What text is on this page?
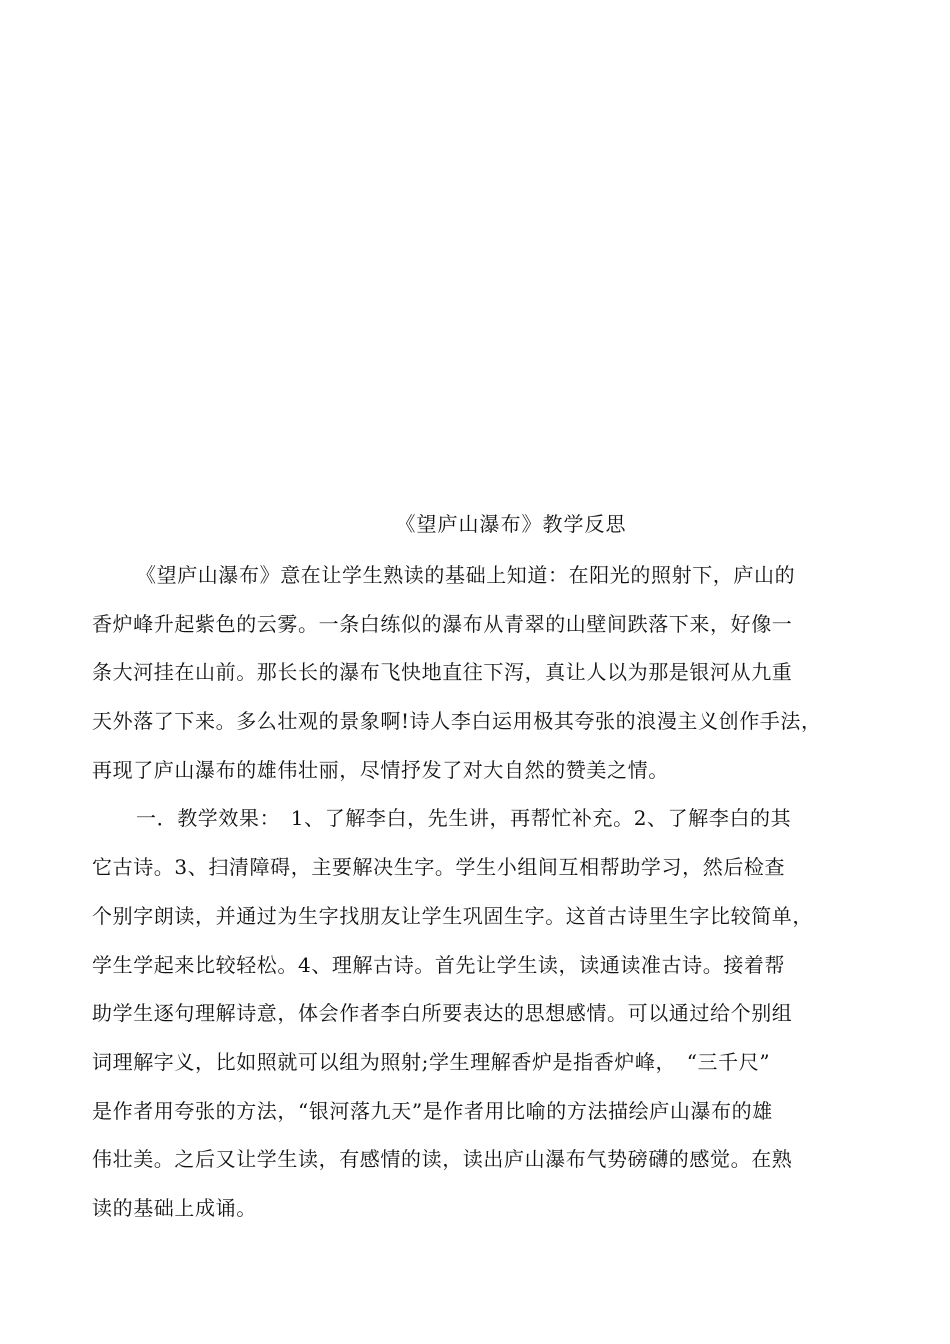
《望庐山瀑布》教学反思
《望庐山瀑布》意在让学生熟读的基础上知道：在阳光的照射下，庐山的
香炉峰升起紫色的云雾。一条白练似的瀑布从青翠的山壁间跌落下来，好像一
条大河挂在山前。那长长的瀑布飞快地直往下泻，真让人以为那是银河从九重
天外落了下来。多么壮观的景象啊!诗人李白运用极其夸张的浪漫主义创作手法，
再现了庐山瀑布的雄伟壮丽，尽情抒发了对大自然的赞美之情。
一．教学效果：　1、了解李白，先生讲，再帮忙补充。2、了解李白的其
它古诗。3、扫清障碍，主要解决生字。学生小组间互相帮助学习，然后检查
个别字朗读，并通过为生字找朋友让学生巩固生字。这首古诗里生字比较简单，
学生学起来比较轻松。4、理解古诗。首先让学生读，读通读准古诗。接着帮
助学生逐句理解诗意，体会作者李白所要表达的思想感情。可以通过给个别组
词理解字义，比如照就可以组为照射;学生理解香炉是指香炉峰，　“三千尺”
是作者用夸张的方法，“银河落九天”是作者用比喻的方法描绘庐山瀑布的雄
伟壮美。之后又让学生读，有感情的读，读出庐山瀑布气势磅礴的感觉。在熟
读的基础上成诵。
